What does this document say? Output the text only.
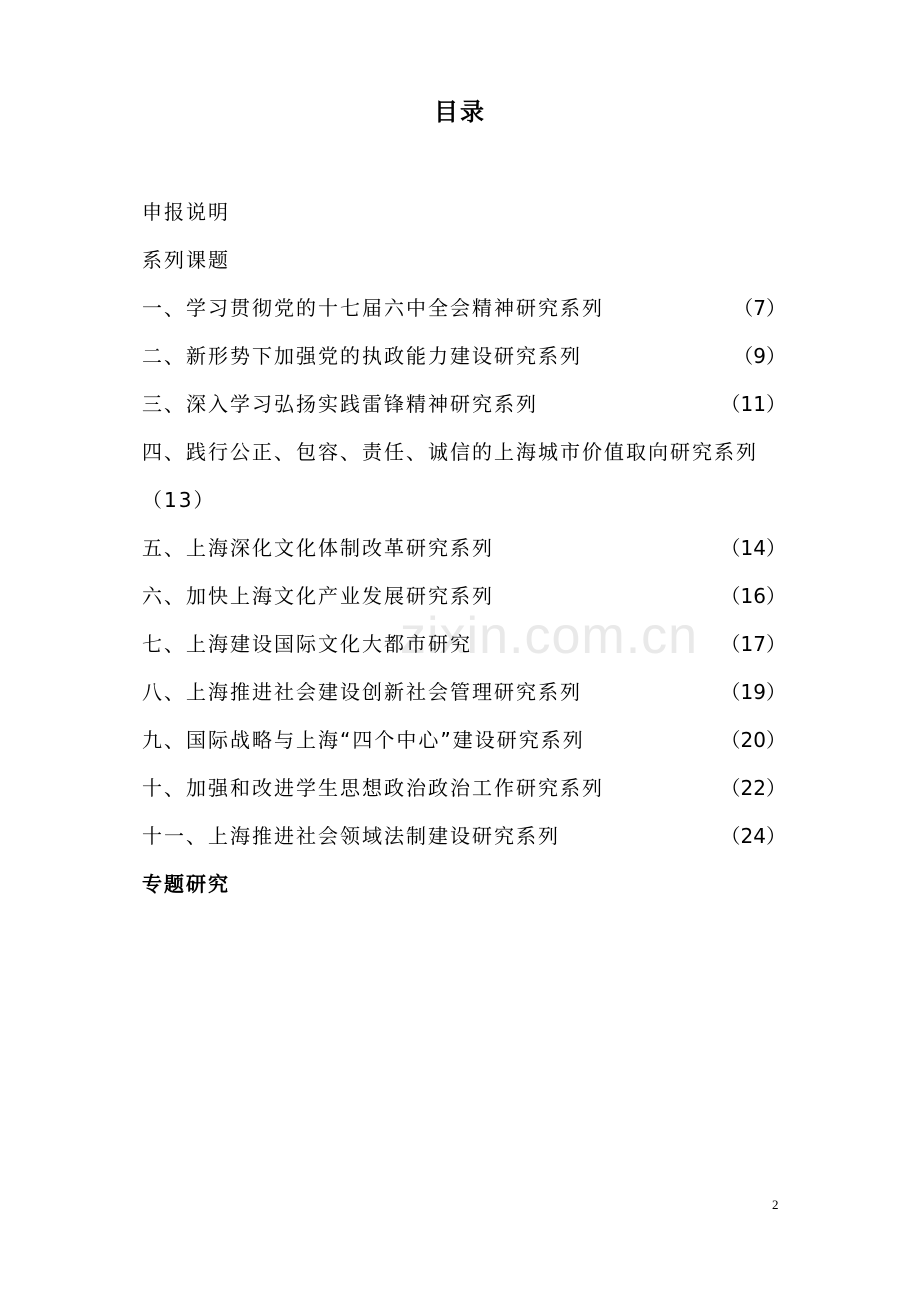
目录
zixin.com.cn
申报说明
系列课题
一、学习贯彻党的十七届六中全会精神研究系列	（7）
二、新形势下加强党的执政能力建设研究系列	（9）
三、深入学习弘扬实践雷锋精神研究系列	（11）
四、践行公正、包容、责任、诚信的上海城市价值取向研究系列
（13）
五、上海深化文化体制改革研究系列	（14）
六、加快上海文化产业发展研究系列	（16）
七、上海建设国际文化大都市研究	（17）
八、上海推进社会建设创新社会管理研究系列	（19）
九、国际战略与上海“四个中心”建设研究系列	（20）
十、加强和改进学生思想政治政治工作研究系列	（22）
十一、上海推进社会领域法制建设研究系列	（24）
专题研究
2
